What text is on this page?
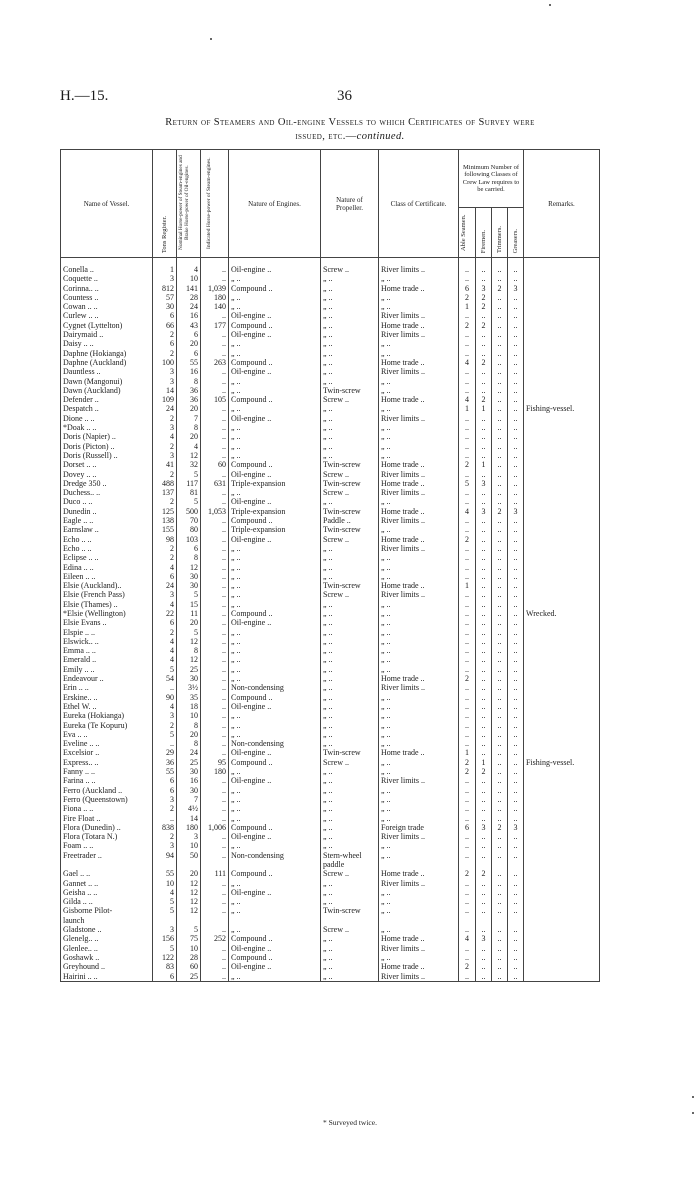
H.—15.	36
Return of Steamers and Oil-engine Vessels to which Certificates of Survey were
issued, etc.—continued.
Name of Vessel.	Tons Register.	Nominal Horse-power of Steam-engines and Brake Horse-power of Oil-engines.	Indicated Horse-power of Steam-engines.	Nature of Engines.	Nature of Propeller.	Class of Certificate.	Minimum Number of following Classes of Crew Law requires to be carried.				Remarks.
							Able Seamen.	Firemen.	Trimmers.	Greasers.	

Conella ..	1	4	..	Oil-engine ..	Screw ..	River limits ..	..	..	..	..	
Coquette ..	3	10	..	„ ..	„ ..	„ ..	..	..	..	..	
Corinna.. ..	812	141	1,039	Compound ..	„ ..	Home trade ..	6	3	2	3	
Countess ..	57	28	180	„ ..	„ ..	„ ..	2	2	..	..	
Cowan .. ..	30	24	140	„ ..	„ ..	„ ..	1	2	..	..	
Curlew .. ..	6	16	..	Oil-engine ..	„ ..	River limits ..	..	..	..	..	
Cygnet (Lyttelton)	66	43	177	Compound ..	„ ..	Home trade ..	2	2	..	..	
Dairymaid ..	2	6	..	Oil-engine ..	„ ..	River limits ..	..	..	..	..	
Daisy .. ..	6	20	..	„ ..	„ ..	„ ..	..	..	..	..	
Daphne (Hokianga)	2	6	..	„ ..	„ ..	„ ..	..	..	..	..	
Daphne (Auckland)	100	55	263	Compound ..	„ ..	Home trade ..	4	2	..	..	
Dauntless ..	3	16	..	Oil-engine ..	„ ..	River limits ..	..	..	..	..	
Dawn (Mangonui)	3	8	..	„ ..	„ ..	„ ..	..	..	..	..	
Dawn (Auckland)	14	36	..	„ ..	Twin-screw	„ ..	..	..	..	..	
Defender ..	109	36	105	Compound ..	Screw ..	Home trade ..	4	2	..	..	
Despatch ..	24	20	..	„ ..	„ ..	„ ..	1	1	..	..	Fishing-vessel.
Dione .. ..	2	7	..	Oil-engine ..	„ ..	River limits ..	..	..	..	..	
*Doak .. ..	3	8	..	„ ..	„ ..	„ ..	..	..	..	..	
Doris (Napier) ..	4	20	..	„ ..	„ ..	„ ..	..	..	..	..	
Doris (Picton) ..	2	4	..	„ ..	„ ..	„ ..	..	..	..	..	
Doris (Russell) ..	3	12	..	„ ..	„ ..	„ ..	..	..	..	..	
Dorset .. ..	41	32	60	Compound ..	Twin-screw	Home trade ..	2	1	..	..	
Dovey .. ..	2	5	..	Oil-engine ..	Screw ..	River limits ..	..	..	..	..	
Dredge 350 ..	488	117	631	Triple-expansion	Twin-screw	Home trade ..	5	3	..	..	
Duchess.. ..	137	81	..	„ ..	Screw ..	River limits ..	..	..	..	..	
Duco .. ..	2	5	..	Oil-engine ..	„ ..	„ ..	..	..	..	..	
Dunedin ..	125	500	1,053	Triple-expansion	Twin-screw	Home trade ..	4	3	2	3	
Eagle .. ..	138	70	..	Compound ..	Paddle ..	River limits ..	..	..	..	..	
Earnslaw ..	155	80	..	Triple-expansion	Twin-screw	„ ..	..	..	..	..	
Echo .. ..	98	103	..	Oil-engine ..	Screw ..	Home trade ..	2	..	..	..	
Echo .. ..	2	6	..	„ ..	„ ..	River limits ..	..	..	..	..	
Eclipse .. ..	2	8	..	„ ..	„ ..	„ ..	..	..	..	..	
Edina .. ..	4	12	..	„ ..	„ ..	„ ..	..	..	..	..	
Eileen .. ..	6	30	..	„ ..	„ ..	„ ..	..	..	..	..	
Elsie (Auckland)..	24	30	..	„ ..	Twin-screw	Home trade ..	1	..	..	..	
Elsie (French Pass)	3	5	..	„ ..	Screw ..	River limits ..	..	..	..	..	
Elsie (Thames) ..	4	15	..	„ ..	„ ..	„ ..	..	..	..	..	
*Elsie (Wellington)	22	11	..	Compound ..	„ ..	„ ..	..	..	..	..	Wrecked.
Elsie Evans ..	6	20	..	Oil-engine ..	„ ..	„ ..	..	..	..	..	
Elspie .. ..	2	5	..	„ ..	„ ..	„ ..	..	..	..	..	
Elswick.. ..	4	12	..	„ ..	„ ..	„ ..	..	..	..	..	
Emma .. ..	4	8	..	„ ..	„ ..	„ ..	..	..	..	..	
Emerald ..	4	12	..	„ ..	„ ..	„ ..	..	..	..	..	
Emily .. ..	5	25	..	„ ..	„ ..	„ ..	..	..	..	..	
Endeavour ..	54	30	..	„ ..	„ ..	Home trade ..	2	..	..	..	
Erin .. ..	..	3½	..	Non-condensing	„ ..	River limits ..	..	..	..	..	
Erskine.. ..	90	35	..	Compound ..	„ ..	„ ..	..	..	..	..	
Ethel W. ..	4	18	..	Oil-engine ..	„ ..	„ ..	..	..	..	..	
Eureka (Hokianga)	3	10	..	„ ..	„ ..	„ ..	..	..	..	..	
Eureka (Te Kopuru)	2	8	..	„ ..	„ ..	„ ..	..	..	..	..	
Eva .. ..	5	20	..	„ ..	„ ..	„ ..	..	..	..	..	
Eveline .. ..	..	8	..	Non-condensing	„ ..	„ ..	..	..	..	..	
Excelsior ..	29	24	..	Oil-engine ..	Twin-screw	Home trade ..	1	..	..	..	
Express.. ..	36	25	95	Compound ..	Screw ..	„ ..	2	1	..	..	Fishing-vessel.
Fanny .. ..	55	30	180	„ ..	„ ..	„ ..	2	2	..	..	
Farina .. ..	6	16	..	Oil-engine ..	„ ..	River limits ..	..	..	..	..	
Ferro (Auckland ..	6	30	..	„ ..	„ ..	„ ..	..	..	..	..	
Ferro (Queenstown)	3	7	..	„ ..	„ ..	„ ..	..	..	..	..	
Fiona .. ..	2	4½	..	„ ..	„ ..	„ ..	..	..	..	..	
Fire Float ..	..	14	..	„ ..	„ ..	„ ..	..	..	..	..	
Flora (Dunedin) ..	838	180	1,006	Compound ..	„ ..	Foreign trade	6	3	2	3	
Flora (Totara N.)	2	3	..	Oil-engine ..	„ ..	River limits ..	..	..	..	..	
Foam .. ..	3	10	..	„ ..	„ ..	„ ..	..	..	..	..	
Freetrader ..	94	50	..	Non-condensing	Stern-wheel	„ ..	..	..	..	..	
					paddle						
Gael .. ..	55	20	111	Compound ..	Screw ..	Home trade ..	2	2	..	..	
Gannet .. ..	10	12	..	„ ..	„ ..	River limits ..	..	..	..	..	
Geisha .. ..	4	12	..	Oil-engine ..	„ ..	„ ..	..	..	..	..	
Gilda .. ..	5	12	..	„ ..	„ ..	„ ..	..	..	..	..	
Gisborne Pilot-	5	12	..	„ ..	Twin-screw	„ ..	..	..	..	..	
launch											
Gladstone ..	3	5	..	„ ..	Screw ..	„ ..	..	..	..	..	
Glenelg.. ..	156	75	252	Compound ..	„ ..	Home trade ..	4	3	..	..	
Glenlee.. ..	5	10	..	Oil-engine ..	„ ..	River limits ..	..	..	..	..	
Goshawk ..	122	28	..	Compound ..	„ ..	„ ..	..	..	..	..	
Greyhound ..	83	60	..	Oil-engine ..	„ ..	Home trade ..	2	..	..	..	
Hairini .. ..	6	25	..	„ ..	„ ..	River limits ..	..	..	..	..	
* Surveyed twice.
